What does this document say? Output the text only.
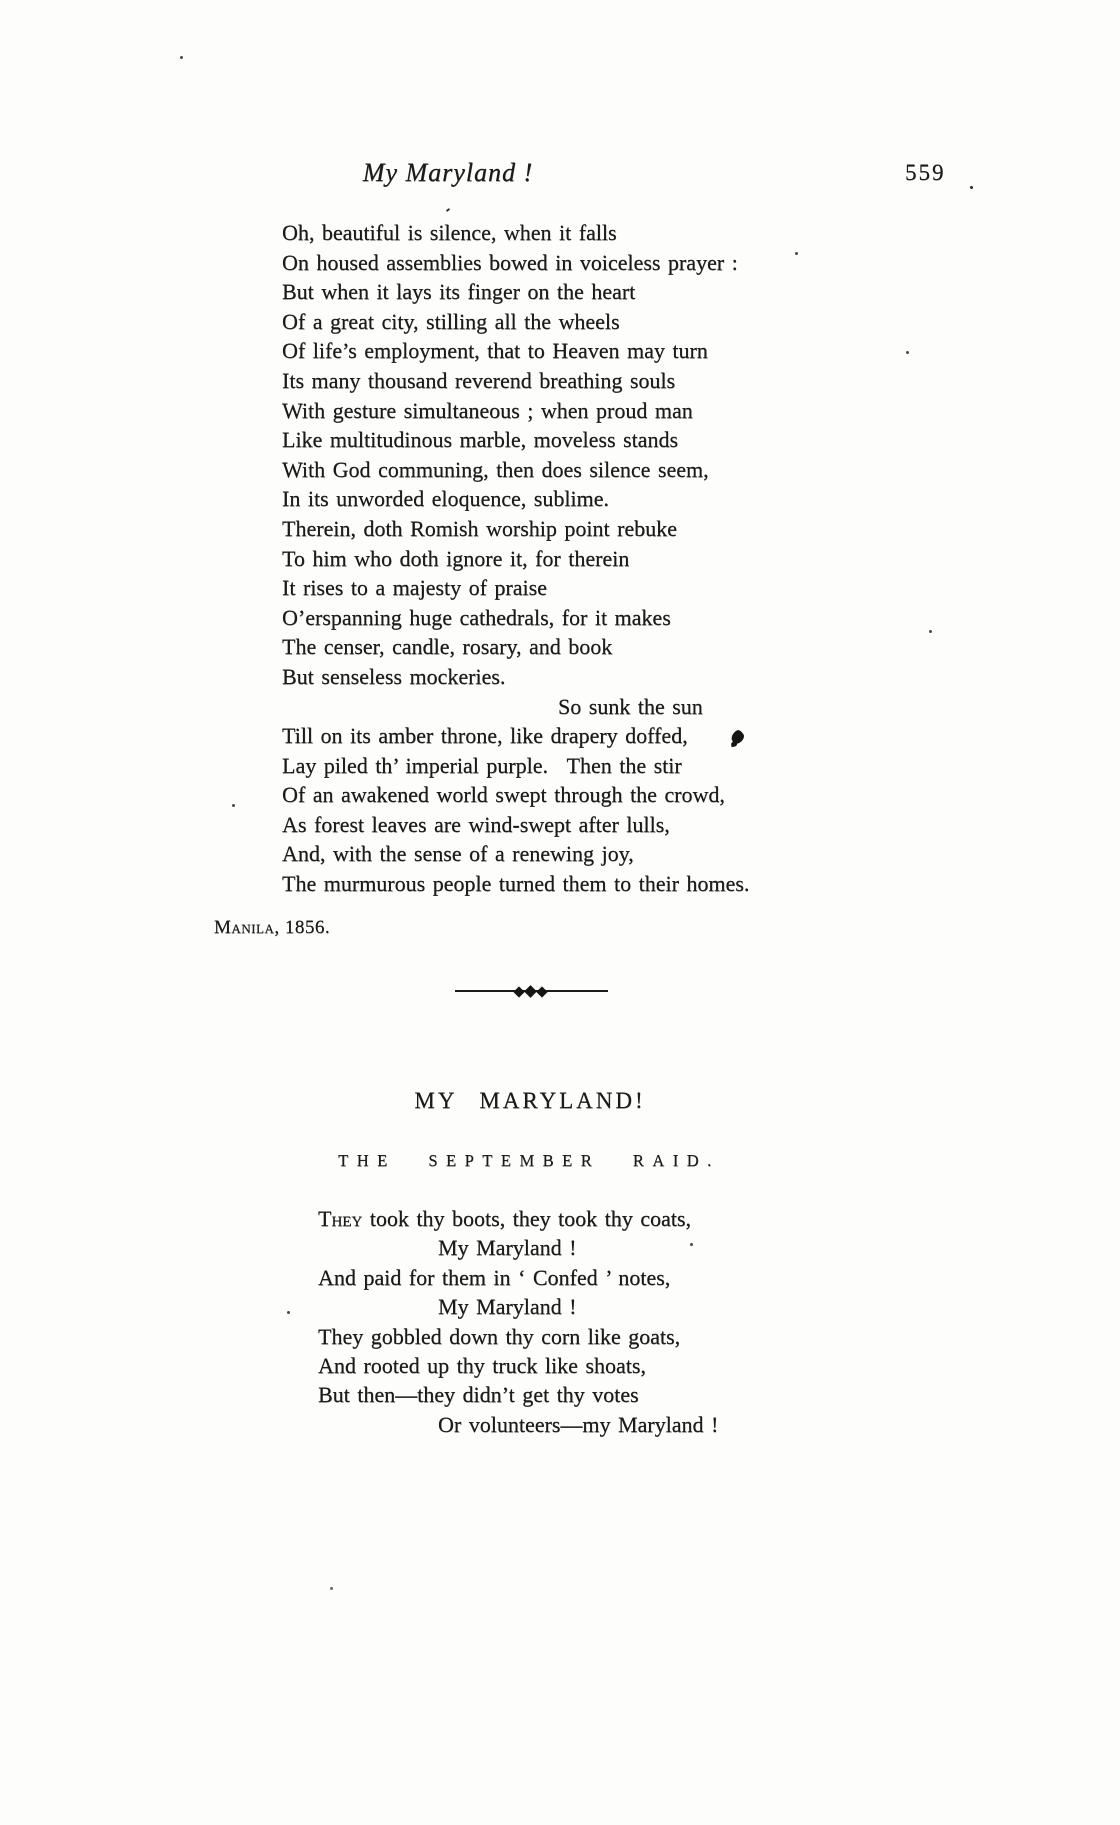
My Maryland !	559
Oh, beautiful is silence, when it falls
On housed assemblies bowed in voiceless prayer :
But when it lays its finger on the heart
Of a great city, stilling all the wheels
Of life’s employment, that to Heaven may turn
Its many thousand reverend breathing souls
With gesture simultaneous ; when proud man
Like multitudinous marble, moveless stands
With God communing, then does silence seem,
In its unworded eloquence, sublime.
Therein, doth Romish worship point rebuke
To him who doth ignore it, for therein
It rises to a majesty of praise
O’erspanning huge cathedrals, for it makes
The censer, candle, rosary, and book
But senseless mockeries.
So sunk the sun
Till on its amber throne, like drapery doffed,
Lay piled th’ imperial purple.  Then the stir
Of an awakened world swept through the crowd,
As forest leaves are wind-swept after lulls,
And, with the sense of a renewing joy,
The murmurous people turned them to their homes.
Manila, 1856.
MY MARYLAND!
THE SEPTEMBER RAID.
They took thy boots, they took thy coats,
My Maryland !
And paid for them in ‘ Confed ’ notes,
My Maryland !
They gobbled down thy corn like goats,
And rooted up thy truck like shoats,
But then—they didn’t get thy votes
Or volunteers—my Maryland !
